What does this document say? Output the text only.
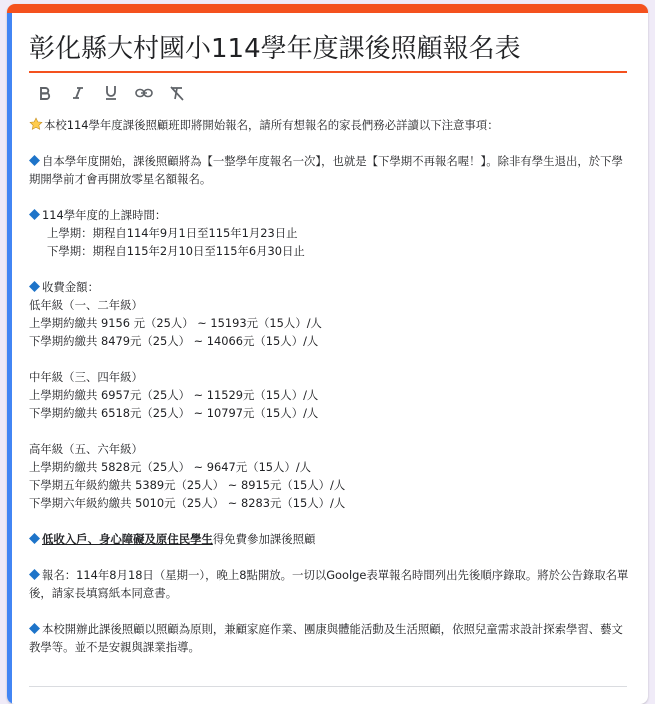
彰化縣大村國小114學年度課後照顧報名表

本校114學年度課後照顧班即將開始報名，請所有想報名的家長們務必詳讀以下注意事項：

自本學年度開始，課後照顧將為【一整學年度報名一次】，也就是【下學期不再報名喔！】。除非有學生退出，於下學期開學前才會再開放零星名額報名。

114學年度的上課時間：

上學期：期程自114年9月1日至115年1月23日止

下學期：期程自115年2月10日至115年6月30日止

收費金額：

低年級（一、二年級）

上學期約繳共 9156 元（25人） ~ 15193元（15人）/人

下學期約繳共 8479元（25人） ~ 14066元（15人）/人

中年級（三、四年級）

上學期約繳共 6957元（25人） ~ 11529元（15人）/人

下學期約繳共 6518元（25人） ~ 10797元（15人）/人

高年級（五、六年級）

上學期約繳共 5828元（25人） ~ 9647元（15人）/人

下學期五年級約繳共 5389元（25人） ~ 8915元（15人）/人

下學期六年級約繳共 5010元（25人） ~ 8283元（15人）/人

低收入戶、身心障礙及原住民學生得免費參加課後照顧

報名：114年8月18日（星期一），晚上8點開放。一切以Goolge表單報名時間列出先後順序錄取。將於公告錄取名單後，請家長填寫紙本同意書。

本校開辦此課後照顧以照顧為原則，兼顧家庭作業、團康與體能活動及生活照顧，依照兒童需求設計探索學習、藝文教學等。並不是安親與課業指導。
